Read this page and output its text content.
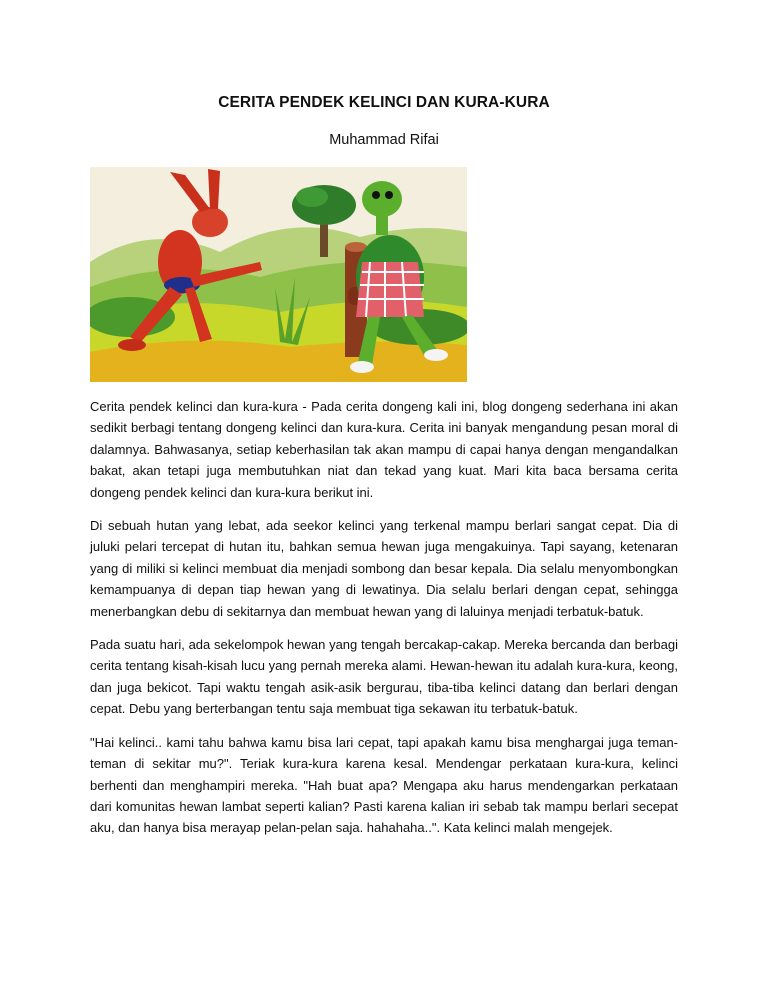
CERITA PENDEK KELINCI DAN KURA-KURA
Muhammad Rifai

Cerita pendek kelinci dan kura-kura - Pada cerita dongeng kali ini, blog dongeng sederhana ini akan sedikit berbagi tentang dongeng kelinci dan kura-kura. Cerita ini banyak mengandung pesan moral di dalamnya. Bahwasanya, setiap keberhasilan tak akan mampu di capai hanya dengan mengandalkan bakat, akan tetapi juga membutuhkan niat dan tekad yang kuat. Mari kita baca bersama cerita dongeng pendek kelinci dan kura-kura berikut ini.

Di sebuah hutan yang lebat, ada seekor kelinci yang terkenal mampu berlari sangat cepat. Dia di juluki pelari tercepat di hutan itu, bahkan semua hewan juga mengakuinya. Tapi sayang, ketenaran yang di miliki si kelinci membuat dia menjadi sombong dan besar kepala. Dia selalu menyombongkan kemampuanya di depan tiap hewan yang di lewatinya. Dia selalu berlari dengan cepat, sehingga menerbangkan debu di sekitarnya dan membuat hewan yang di laluinya menjadi terbatuk-batuk.

Pada suatu hari, ada sekelompok hewan yang tengah bercakap-cakap. Mereka bercanda dan berbagi cerita tentang kisah-kisah lucu yang pernah mereka alami. Hewan-hewan itu adalah kura-kura, keong, dan juga bekicot. Tapi waktu tengah asik-asik bergurau, tiba-tiba kelinci datang dan berlari dengan cepat. Debu yang berterbangan tentu saja membuat tiga sekawan itu terbatuk-batuk.

"Hai kelinci.. kami tahu bahwa kamu bisa lari cepat, tapi apakah kamu bisa menghargai juga teman-teman di sekitar mu?". Teriak kura-kura karena kesal. Mendengar perkataan kura-kura, kelinci berhenti dan menghampiri mereka. "Hah buat apa? Mengapa aku harus mendengarkan perkataan dari komunitas hewan lambat seperti kalian? Pasti karena kalian iri sebab tak mampu berlari secepat aku, dan hanya bisa merayap pelan-pelan saja. hahahaha..". Kata kelinci malah mengejek.
